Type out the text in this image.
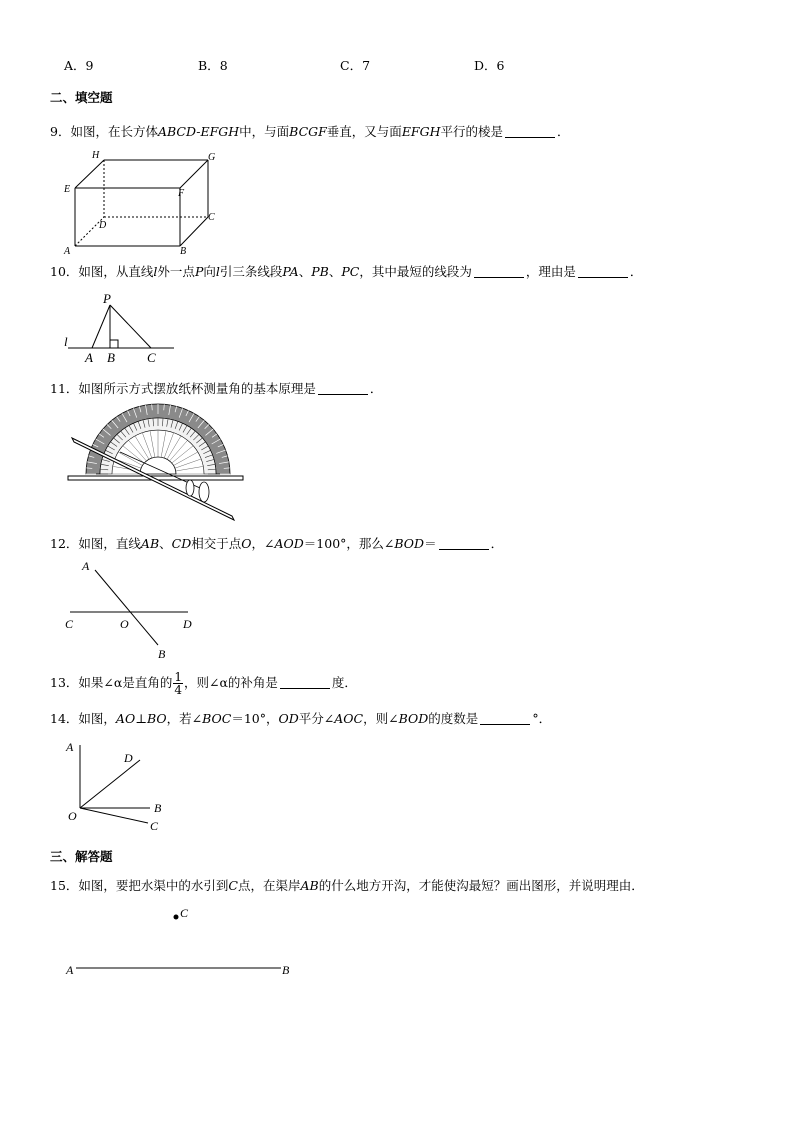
A．9	B．8	C．7	D．6
二、填空题
9．如图，在长方体ABCD-EFGH中，与面BCGF垂直，又与面EFGH平行的棱是	．
H	G
E	F
C
D
A	B
10．如图，从直线l外一点P向l引三条线段PA、PB、PC，其中最短的线段为	，理由是	．
P
l
A B C
11．如图所示方式摆放纸杯测量角的基本原理是	．
12．如图，直线AB、CD相交于点O，∠AOD＝100°，那么∠BOD＝	．
A
C	O	D
B
13．如果∠α是直角的 $\frac{1}{4}$ ，则∠α的补角是	度．
14．如图，AO⊥BO，若∠BOC＝10°，OD平分∠AOC，则∠BOD的度数是	°．
A
D
B
O
C
三、解答题
15．如图，要把水渠中的水引到C点，在渠岸AB的什么地方开沟，才能使沟最短？画出图形，并说明理由．
C
A	B
